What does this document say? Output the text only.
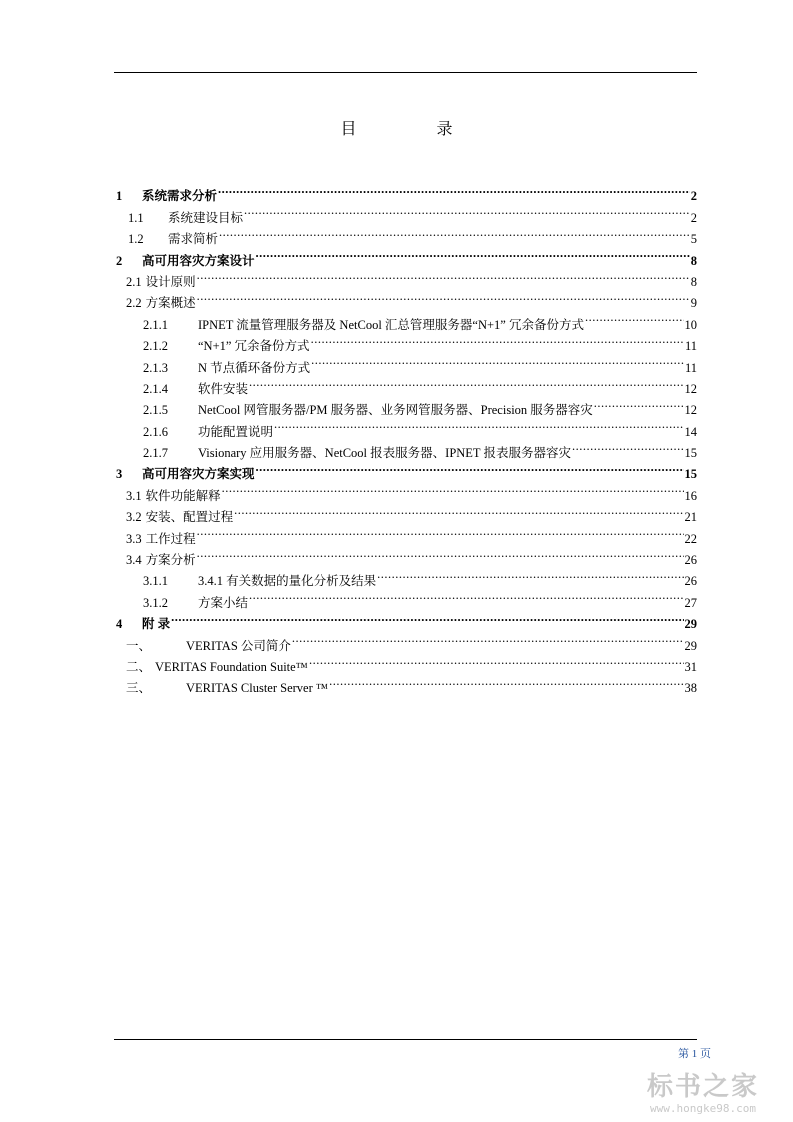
目	录
1	系统需求分析 .....	2
1.1	系统建设目标 .....	2
1.2	需求简析 .....	5
2	高可用容灾方案设计 .....	8
2.1 设计原则 .....	8
2.2 方案概述 .....	9
2.1.1	IPNET 流量管理服务器及 NetCool 汇总管理服务器“N+1” 冗余备份方式 .....	10
2.1.2	“N+1” 冗余备份方式 .....	11
2.1.3	N 节点循环备份方式 .....	11
2.1.4	软件安装 .....	12
2.1.5	NetCool 网管服务器/PM 服务器、业务网管服务器、Precision 服务器容灾 .....	12
2.1.6	功能配置说明 .....	14
2.1.7	Visionary 应用服务器、NetCool 报表服务器、IPNET 报表服务器容灾 .....	15
3	高可用容灾方案实现 .....	15
3.1 软件功能解释 .....	16
3.2 安装、配置过程 .....	21
3.3 工作过程 .....	22
3.4 方案分析 .....	26
3.1.1	3.4.1 有关数据的量化分析及结果 .....	26
3.1.2	方案小结 .....	27
4	附 录 .....	29
一、	VERITAS 公司简介 .....	29
二、 VERITAS Foundation Suite™ .....	31
三、	VERITAS Cluster Server ™ .....	38
第 1 页
标书之家
www.hongke98.com
